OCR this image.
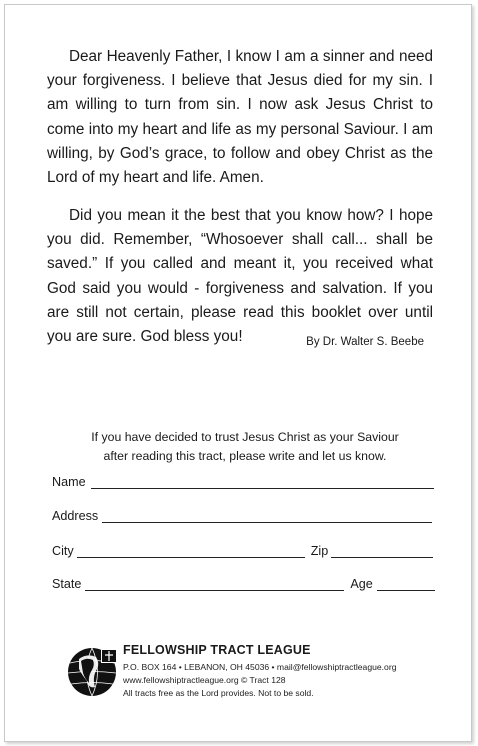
Dear Heavenly Father, I know I am a sinner and need your forgiveness. I believe that Jesus died for my sin. I am willing to turn from sin. I now ask Jesus Christ to come into my heart and life as my personal Saviour. I am willing, by God’s grace, to follow and obey Christ as the Lord of my heart and life. Amen.

Did you mean it the best that you know how? I hope you did. Remember, “Whosoever shall call... shall be saved.” If you called and meant it, you received what God said you would - forgiveness and salvation. If you are still not certain, please read this booklet over until you are sure. God bless you!	By Dr. Walter S. Beebe

If you have decided to trust Jesus Christ as your Saviour
after reading this tract, please write and let us know.

Name
Address
City	Zip
State	Age

FELLOWSHIP TRACT LEAGUE

P.O. BOX 164 • LEBANON, OH 45036 • mail@fellowshiptractleague.org

www.fellowshiptractleague.org © Tract 128

All tracts free as the Lord provides. Not to be sold.
